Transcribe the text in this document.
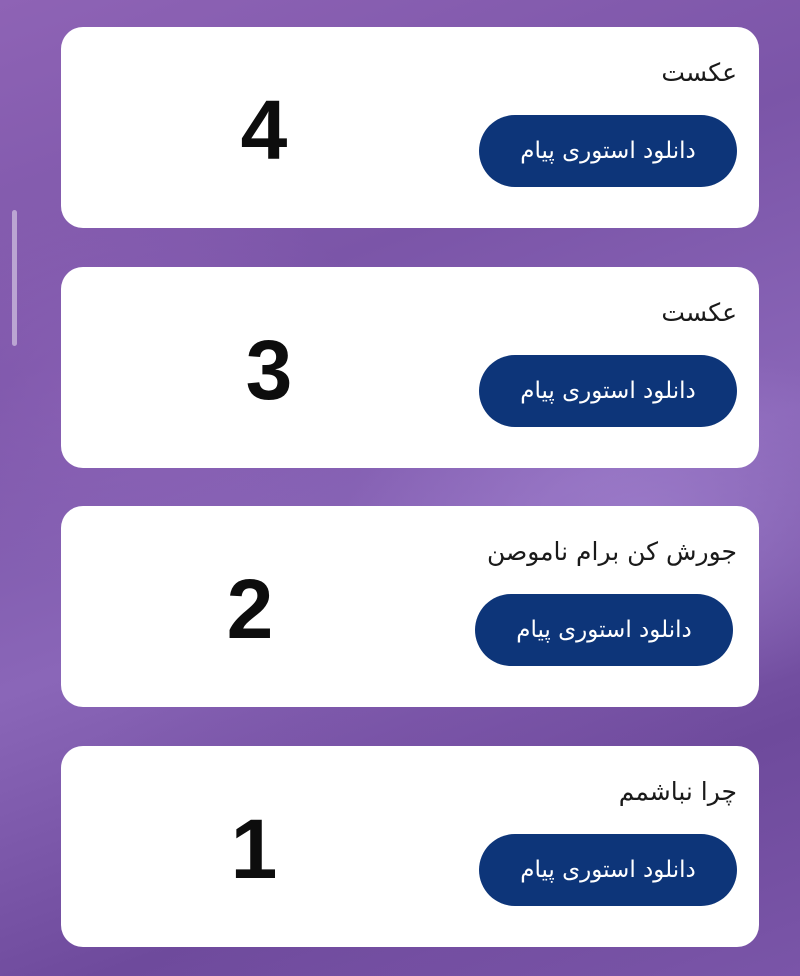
عکست
4	دانلود استوری پیام
عکست
3	دانلود استوری پیام
جورش کن برام ناموصن
2	دانلود استوری پیام
چرا نباشمم
1	دانلود استوری پیام
